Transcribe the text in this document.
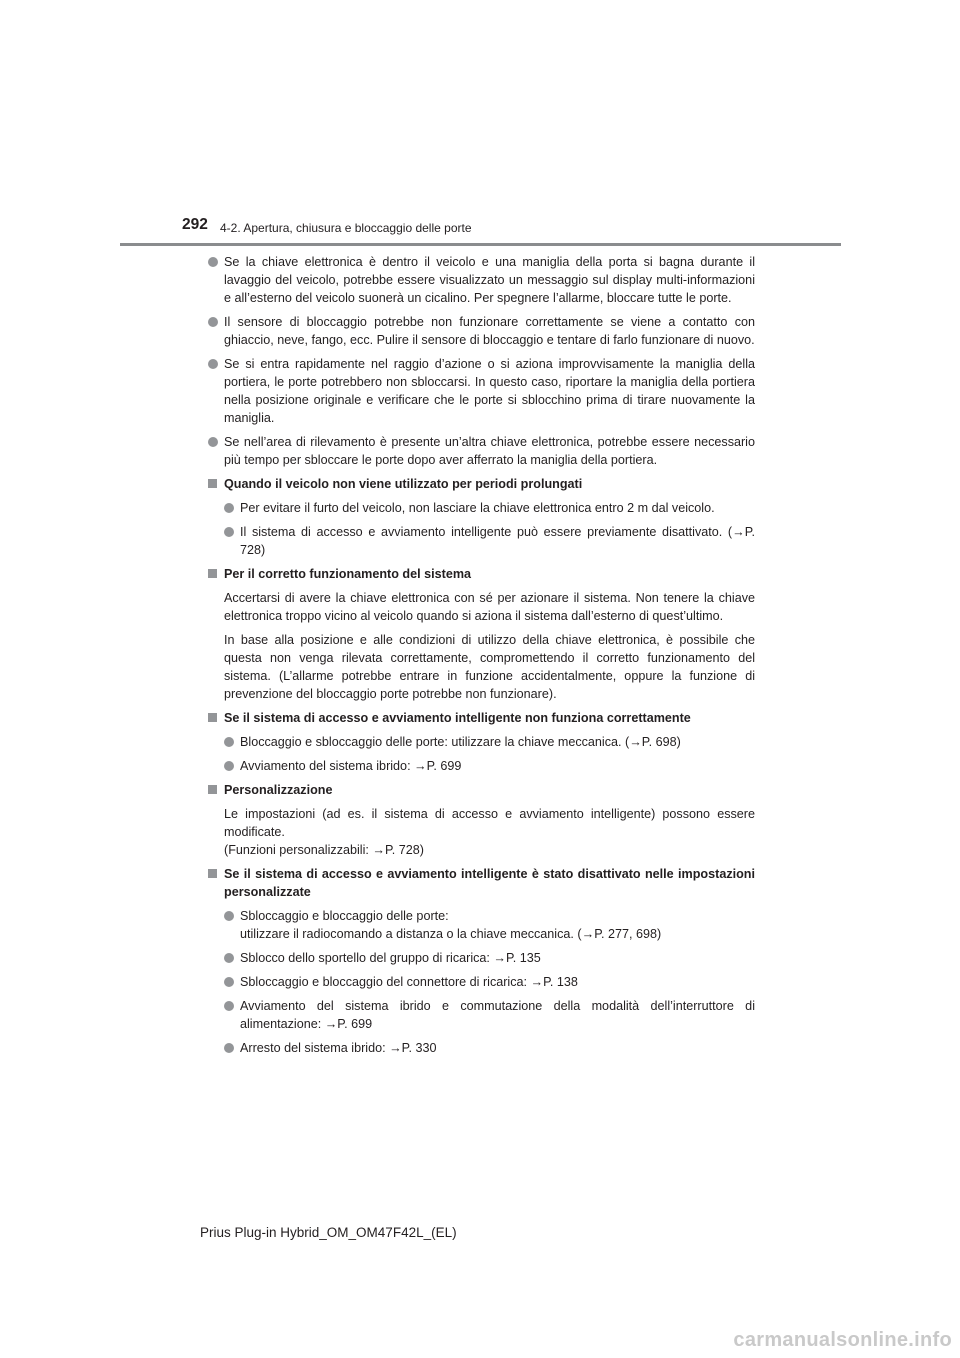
292 4-2. Apertura, chiusura e bloccaggio delle porte
Se la chiave elettronica è dentro il veicolo e una maniglia della porta si bagna durante il lavaggio del veicolo, potrebbe essere visualizzato un messaggio sul display multi-informazioni e all’esterno del veicolo suonerà un cicalino. Per spegnere l’allarme, bloccare tutte le porte.
Il sensore di bloccaggio potrebbe non funzionare correttamente se viene a contatto con ghiaccio, neve, fango, ecc. Pulire il sensore di bloccaggio e tentare di farlo funzionare di nuovo.
Se si entra rapidamente nel raggio d’azione o si aziona improvvisamente la maniglia della portiera, le porte potrebbero non sbloccarsi. In questo caso, riportare la maniglia della portiera nella posizione originale e verificare che le porte si sblocchino prima di tirare nuovamente la maniglia.
Se nell’area di rilevamento è presente un’altra chiave elettronica, potrebbe essere necessario più tempo per sbloccare le porte dopo aver afferrato la maniglia della portiera.
Quando il veicolo non viene utilizzato per periodi prolungati
Per evitare il furto del veicolo, non lasciare la chiave elettronica entro 2 m dal veicolo.
Il sistema di accesso e avviamento intelligente può essere previamente disattivato. (→P. 728)
Per il corretto funzionamento del sistema
Accertarsi di avere la chiave elettronica con sé per azionare il sistema. Non tenere la chiave elettronica troppo vicino al veicolo quando si aziona il sistema dall’esterno di quest’ultimo.
In base alla posizione e alle condizioni di utilizzo della chiave elettronica, è possibile che questa non venga rilevata correttamente, compromettendo il corretto funzionamento del sistema. (L’allarme potrebbe entrare in funzione accidentalmente, oppure la funzione di prevenzione del bloccaggio porte potrebbe non funzionare).
Se il sistema di accesso e avviamento intelligente non funziona correttamente
Bloccaggio e sbloccaggio delle porte: utilizzare la chiave meccanica. (→P. 698)
Avviamento del sistema ibrido: →P. 699
Personalizzazione
Le impostazioni (ad es. il sistema di accesso e avviamento intelligente) possono essere modificate.
(Funzioni personalizzabili: →P. 728)
Se il sistema di accesso e avviamento intelligente è stato disattivato nelle impostazioni personalizzate
Sbloccaggio e bloccaggio delle porte:
utilizzare il radiocomando a distanza o la chiave meccanica. (→P. 277, 698)
Sblocco dello sportello del gruppo di ricarica: →P. 135
Sbloccaggio e bloccaggio del connettore di ricarica: →P. 138
Avviamento del sistema ibrido e commutazione della modalità dell’interruttore di alimentazione: →P. 699
Arresto del sistema ibrido: →P. 330
Prius Plug-in Hybrid_OM_OM47F42L_(EL)
carmanualsonline.info
